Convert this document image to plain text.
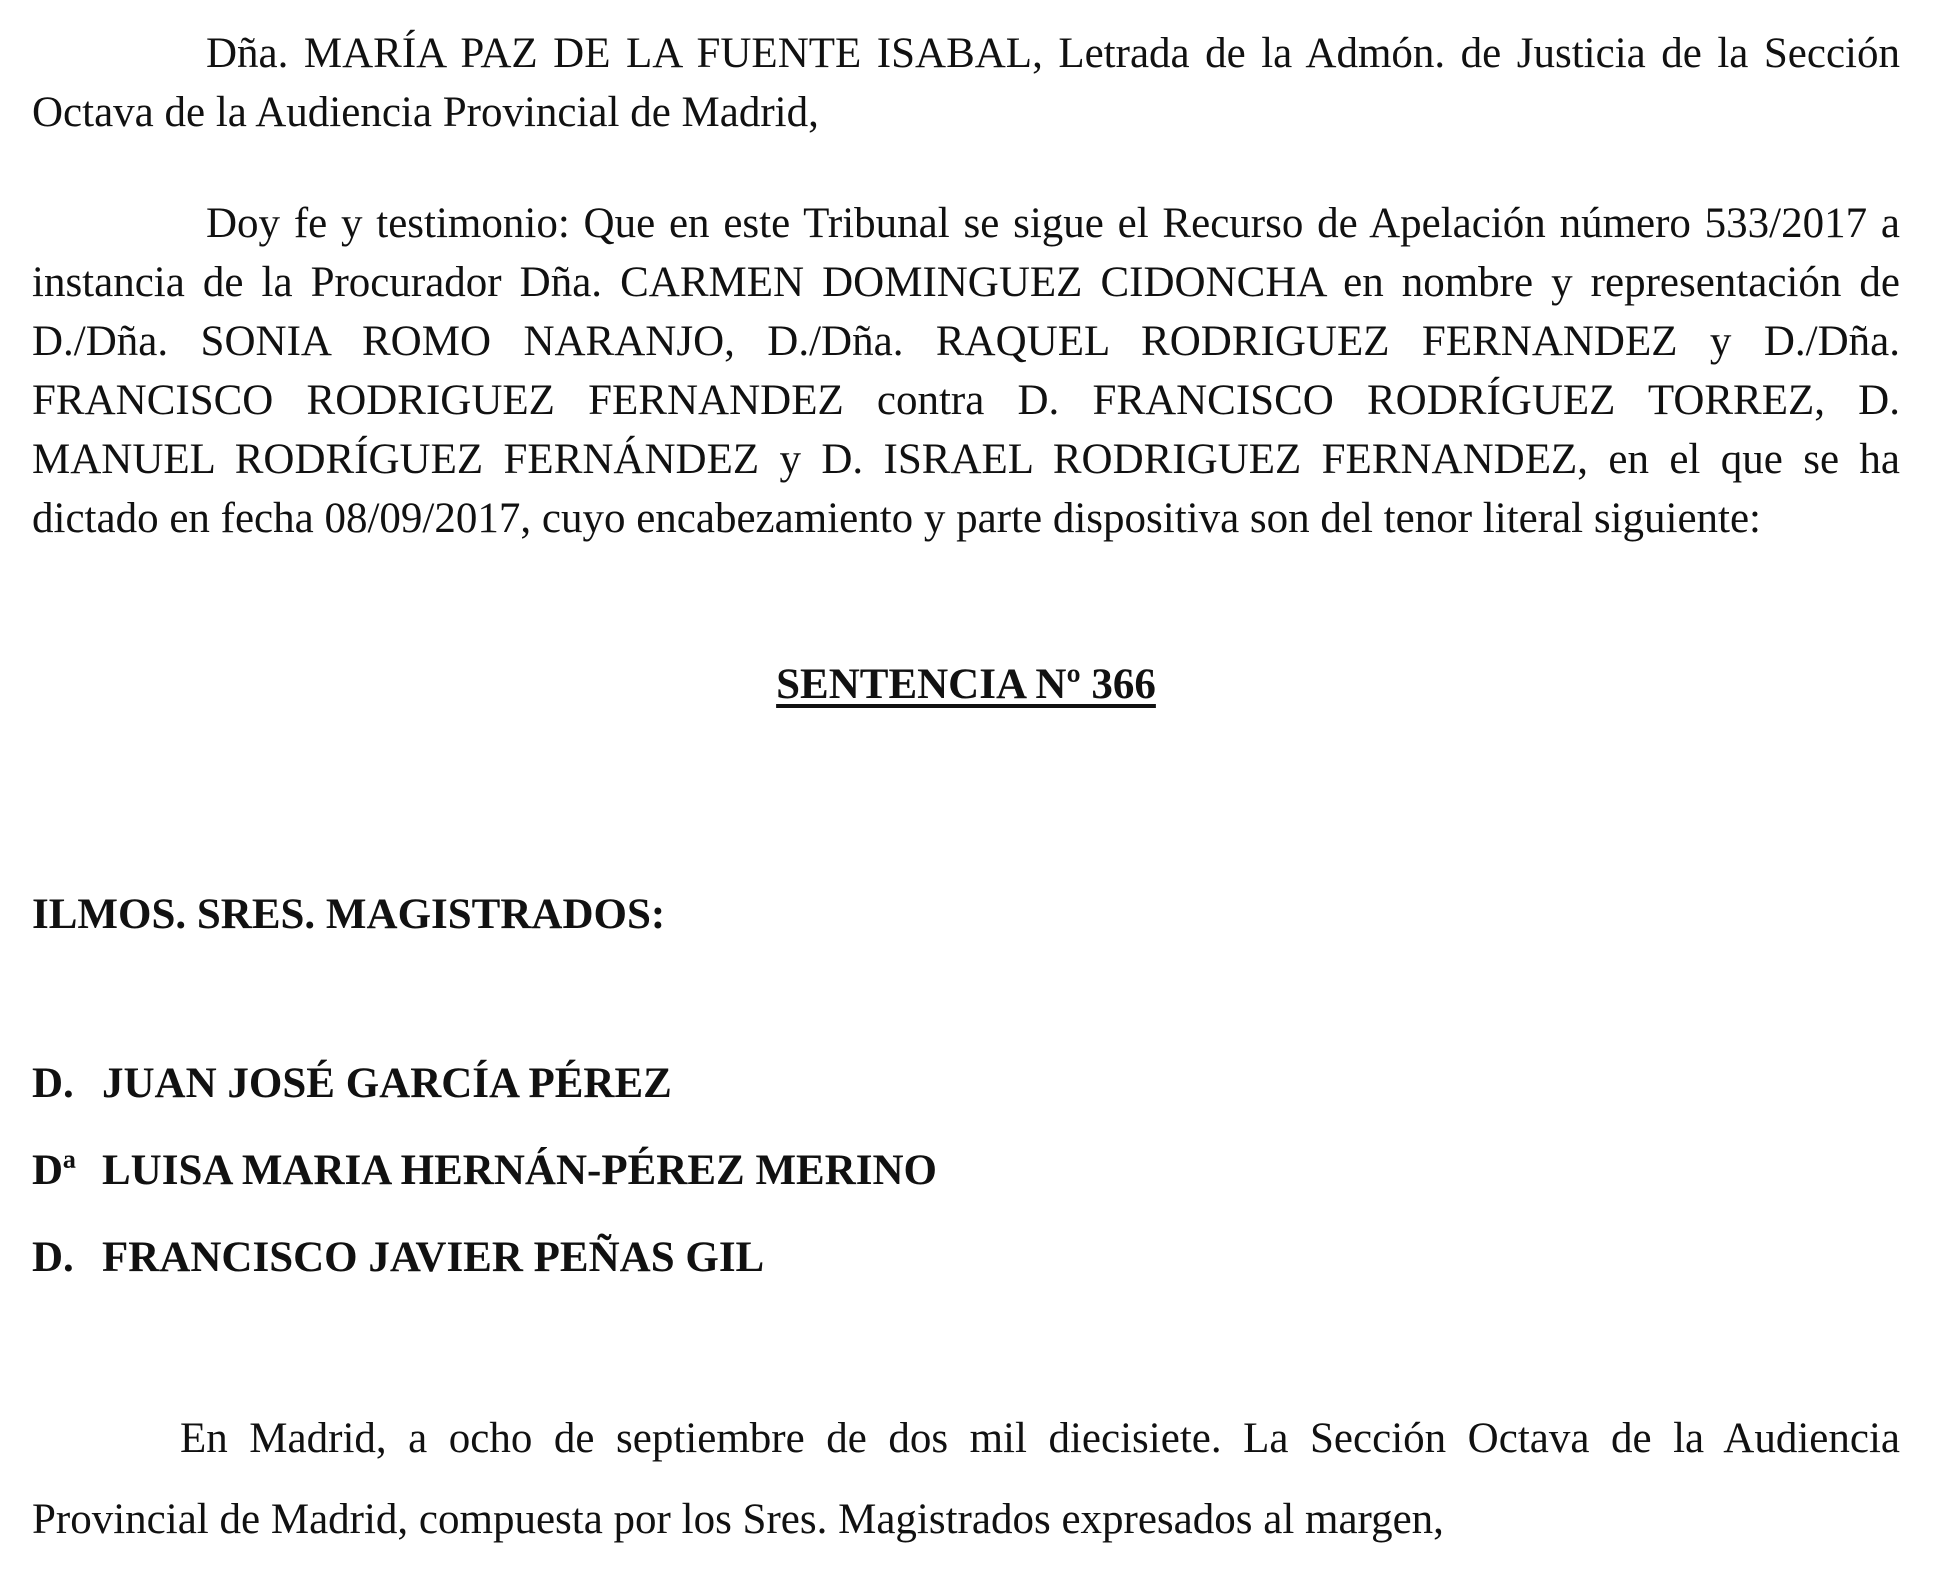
Dña. MARÍA PAZ DE LA FUENTE ISABAL, Letrada de la Admón. de Justicia de la Sección Octava de la Audiencia Provincial de Madrid,

Doy fe y testimonio: Que en este Tribunal se sigue el Recurso de Apelación número 533/2017 a instancia de la Procurador Dña. CARMEN DOMINGUEZ CIDONCHA en nombre y representación de D./Dña. SONIA ROMO NARANJO, D./Dña. RAQUEL RODRIGUEZ FERNANDEZ y D./Dña. FRANCISCO RODRIGUEZ FERNANDEZ contra D. FRANCISCO RODRÍGUEZ TORREZ, D. MANUEL RODRÍGUEZ FERNÁNDEZ y D. ISRAEL RODRIGUEZ FERNANDEZ, en el que se ha dictado en fecha 08/09/2017, cuyo encabezamiento y parte dispositiva son del tenor literal siguiente:

SENTENCIA Nº 366

ILMOS. SRES. MAGISTRADOS:

D. JUAN JOSÉ GARCÍA PÉREZ

Dª LUISA MARIA HERNÁN-PÉREZ MERINO

D. FRANCISCO JAVIER PEÑAS GIL

En Madrid, a ocho de septiembre de dos mil diecisiete. La Sección Octava de la Audiencia Provincial de Madrid, compuesta por los Sres. Magistrados expresados al margen,
